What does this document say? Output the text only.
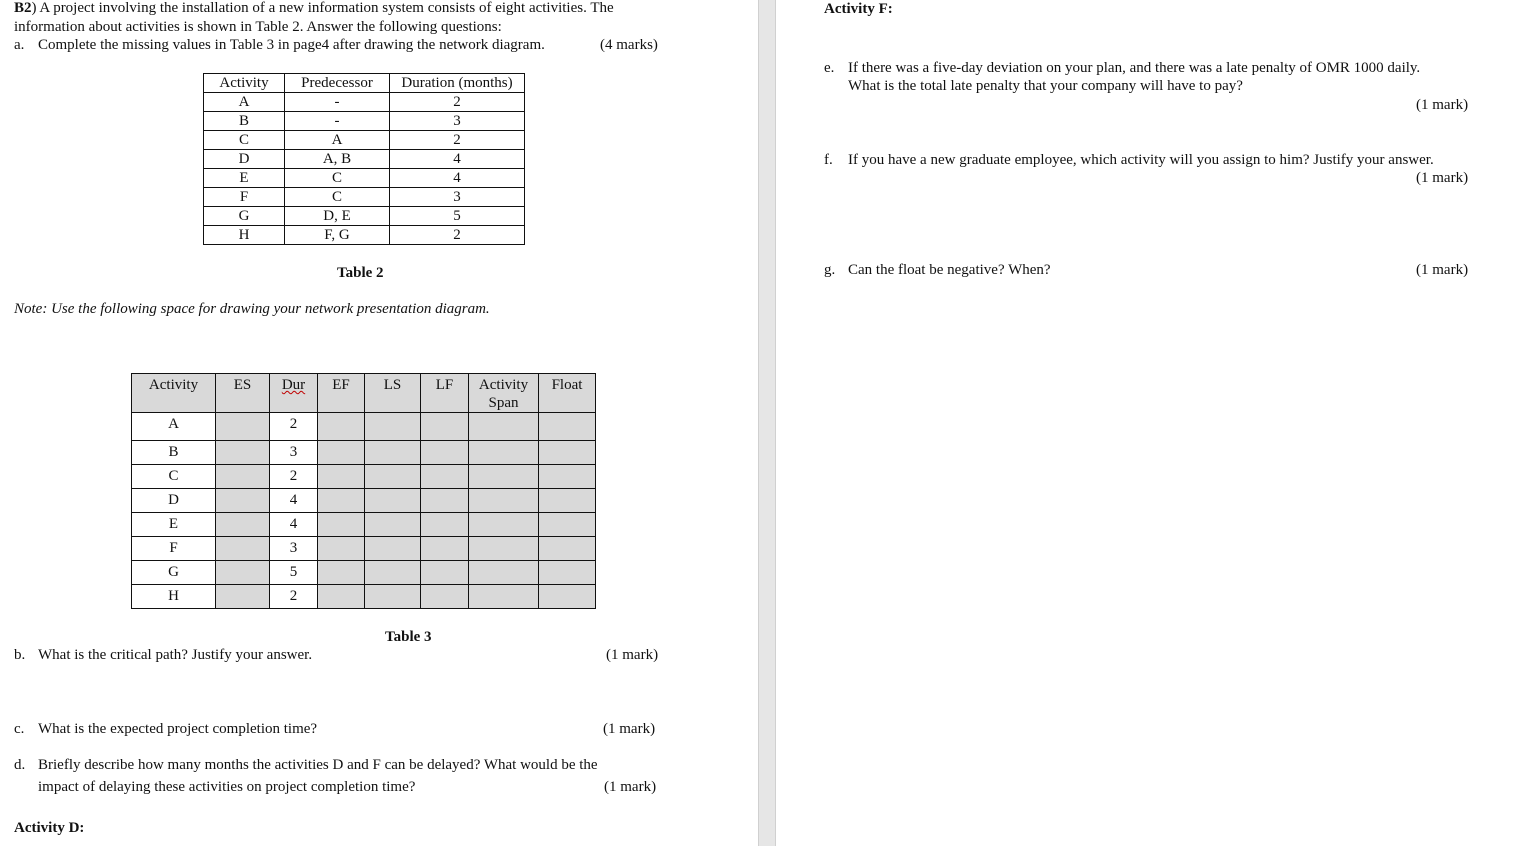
B2) A project involving the installation of a new information system consists of eight activities. The
information about activities is shown in Table 2. Answer the following questions:
a. Complete the missing values in Table 3 in page4 after drawing the network diagram.	(4 marks)
Activity	Predecessor	Duration (months)
A	-	2
B	-	3
C	A	2
D	A, B	4
E	C	4
F	C	3
G	D, E	5
H	F, G	2
Table 2
Note: Use the following space for drawing your network presentation diagram.
Activity	ES	Dur	EF	LS	LF	Activity Span	Float
A		2					
B		3					
C		2					
D		4					
E		4					
F		3					
G		5					
H		2					
Table 3
b. What is the critical path? Justify your answer.	(1 mark)
c. What is the expected project completion time?	(1 mark)
d. Briefly describe how many months the activities D and F can be delayed? What would be the
impact of delaying these activities on project completion time?	(1 mark)
Activity D:
Activity F:
e. If there was a five-day deviation on your plan, and there was a late penalty of OMR 1000 daily.
What is the total late penalty that your company will have to pay?
(1 mark)
f. If you have a new graduate employee, which activity will you assign to him? Justify your answer.
(1 mark)
g. Can the float be negative? When?	(1 mark)
